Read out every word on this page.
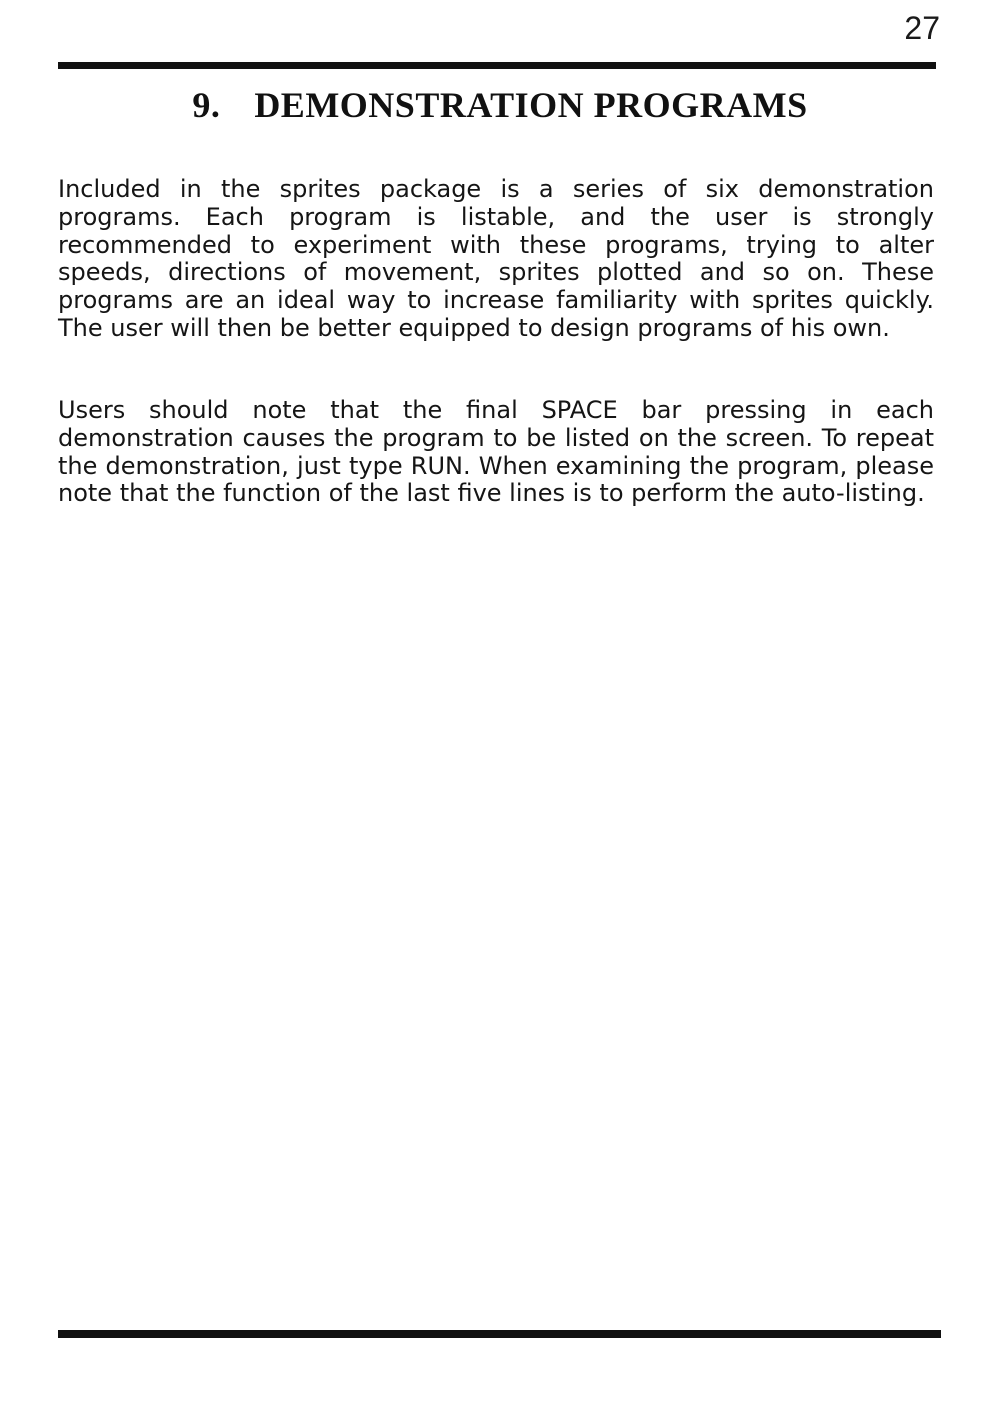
27
9. DEMONSTRATION PROGRAMS

Included in the sprites package is a series of six demonstration programs. Each program is listable, and the user is strongly recommended to experiment with these programs, trying to alter speeds, directions of movement, sprites plotted and so on. These programs are an ideal way to increase familiarity with sprites quickly. The user will then be better equipped to design programs of his own.

Users should note that the final SPACE bar pressing in each demonstration causes the program to be listed on the screen. To repeat the demonstration, just type RUN. When examining the program, please note that the function of the last five lines is to perform the auto-listing.
